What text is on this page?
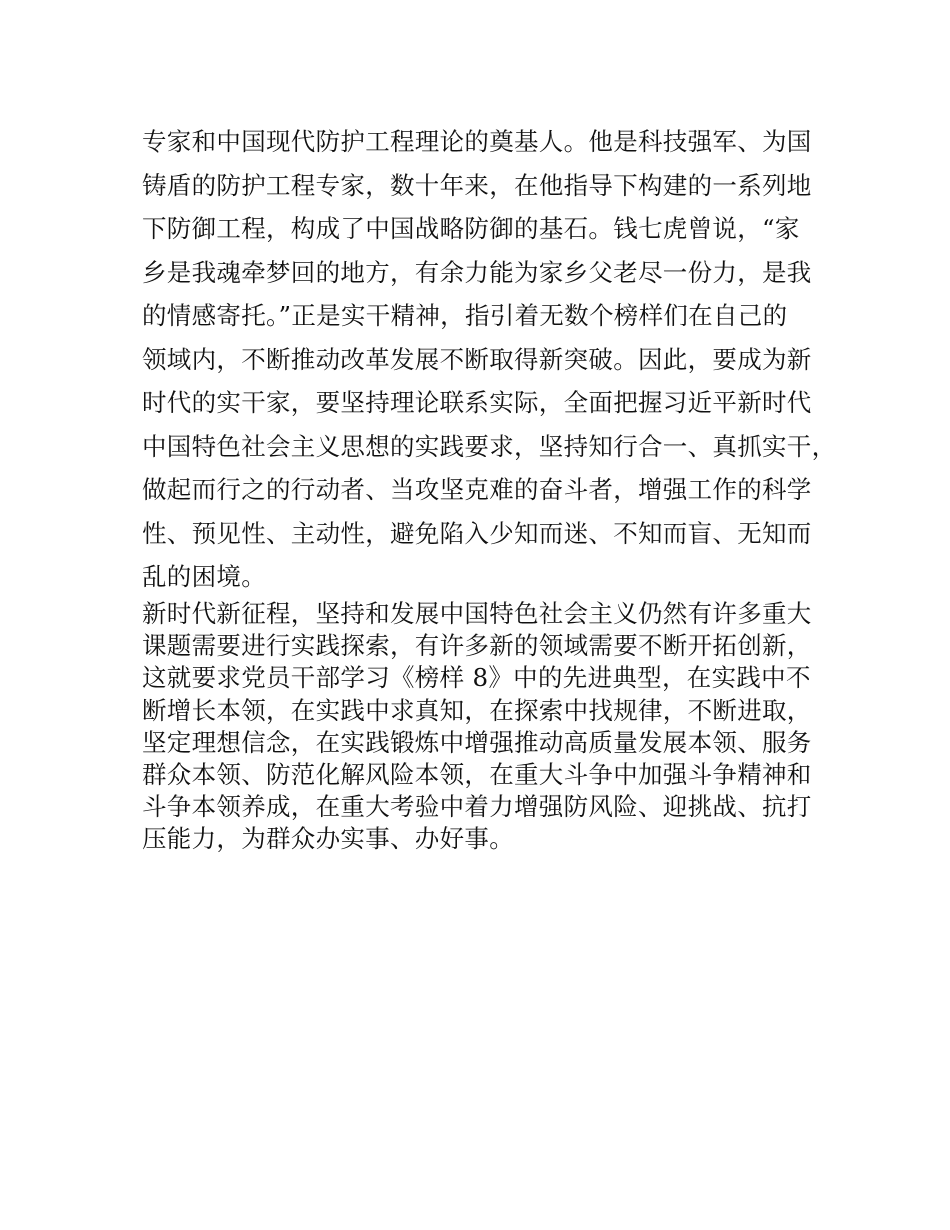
专家和中国现代防护工程理论的奠基人。他是科技强军、为国
铸盾的防护工程专家，数十年来，在他指导下构建的一系列地
下防御工程，构成了中国战略防御的基石。钱七虎曾说，“家
乡是我魂牵梦回的地方，有余力能为家乡父老尽一份力，是我
的情感寄托。”正是实干精神，指引着无数个榜样们在自己的
领域内，不断推动改革发展不断取得新突破。因此，要成为新
时代的实干家，要坚持理论联系实际，全面把握习近平新时代
中国特色社会主义思想的实践要求，坚持知行合一、真抓实干，
做起而行之的行动者、当攻坚克难的奋斗者，增强工作的科学
性、预见性、主动性，避免陷入少知而迷、不知而盲、无知而
乱的困境。
新时代新征程，坚持和发展中国特色社会主义仍然有许多重大
课题需要进行实践探索，有许多新的领域需要不断开拓创新，
这就要求党员干部学习《榜样 8》中的先进典型，在实践中不
断增长本领，在实践中求真知，在探索中找规律，不断进取，
坚定理想信念，在实践锻炼中增强推动高质量发展本领、服务
群众本领、防范化解风险本领，在重大斗争中加强斗争精神和
斗争本领养成，在重大考验中着力增强防风险、迎挑战、抗打
压能力，为群众办实事、办好事。
